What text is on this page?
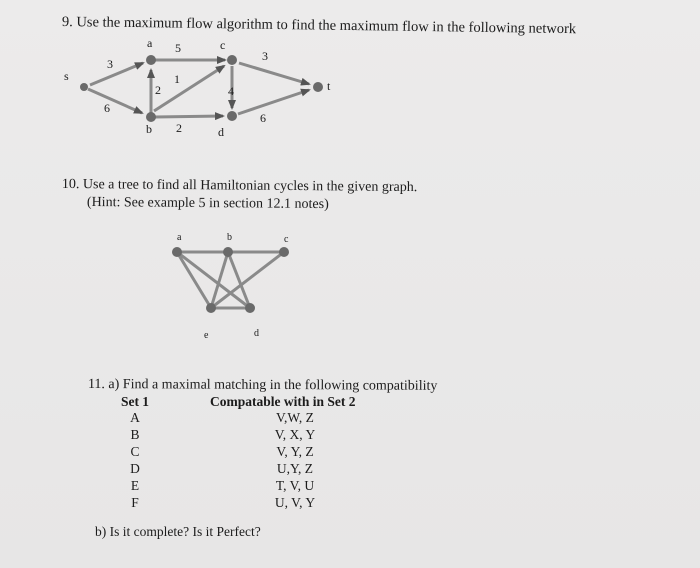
9. Use the maximum flow algorithm to find the maximum flow in the following network
a	c
s
t
b	d
3
5
3
2
1
4
6
2
6
a	b	c
e	d
10. Use a tree to find all Hamiltonian cycles in the given graph.
(Hint: See example 5 in section 12.1 notes)
11. a) Find a maximal matching in the following compatibility
Set 1	Compatable with in Set 2
A	V,W, Z
B	V, X, Y
C	V, Y, Z
D	U,Y, Z
E	T, V, U
F	U, V, Y
b) Is it complete? Is it Perfect?
